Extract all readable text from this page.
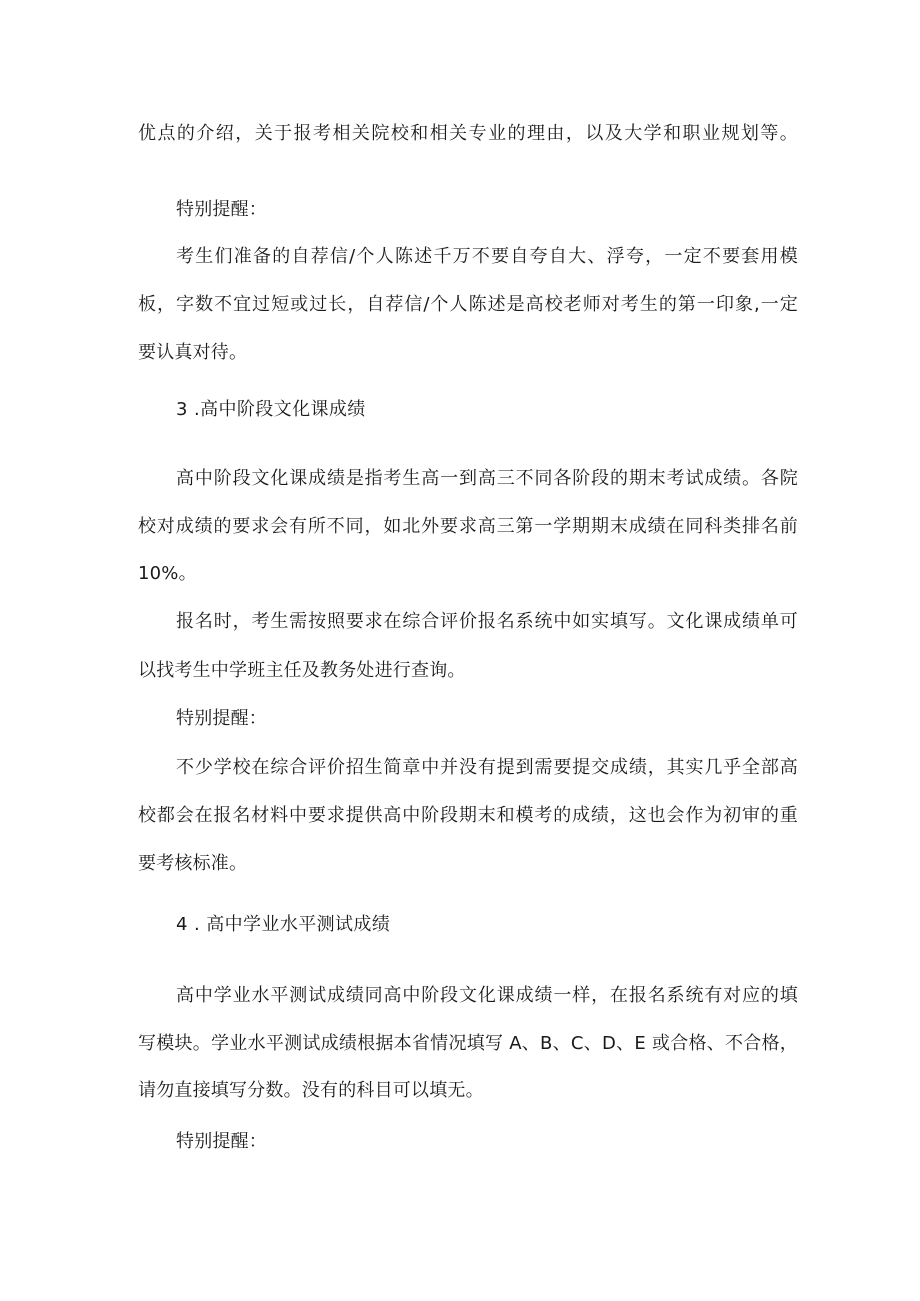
优点的介绍，关于报考相关院校和相关专业的理由，以及大学和职业规划等。
特别提醒：
考生们准备的自荐信/个人陈述千万不要自夸自大、浮夸，一定不要套用模
板，字数不宜过短或过长，自荐信/个人陈述是高校老师对考生的第一印象,一定
要认真对待。
3 .高中阶段文化课成绩
高中阶段文化课成绩是指考生高一到高三不同各阶段的期末考试成绩。各院
校对成绩的要求会有所不同，如北外要求高三第一学期期末成绩在同科类排名前
10%。
报名时，考生需按照要求在综合评价报名系统中如实填写。文化课成绩单可
以找考生中学班主任及教务处进行查询。
特别提醒：
不少学校在综合评价招生简章中并没有提到需要提交成绩，其实几乎全部高
校都会在报名材料中要求提供高中阶段期末和模考的成绩，这也会作为初审的重
要考核标准。
4 . 高中学业水平测试成绩
高中学业水平测试成绩同高中阶段文化课成绩一样，在报名系统有对应的填
写模块。学业水平测试成绩根据本省情况填写 A、B、C、D、E 或合格、不合格，
请勿直接填写分数。没有的科目可以填无。
特别提醒：
